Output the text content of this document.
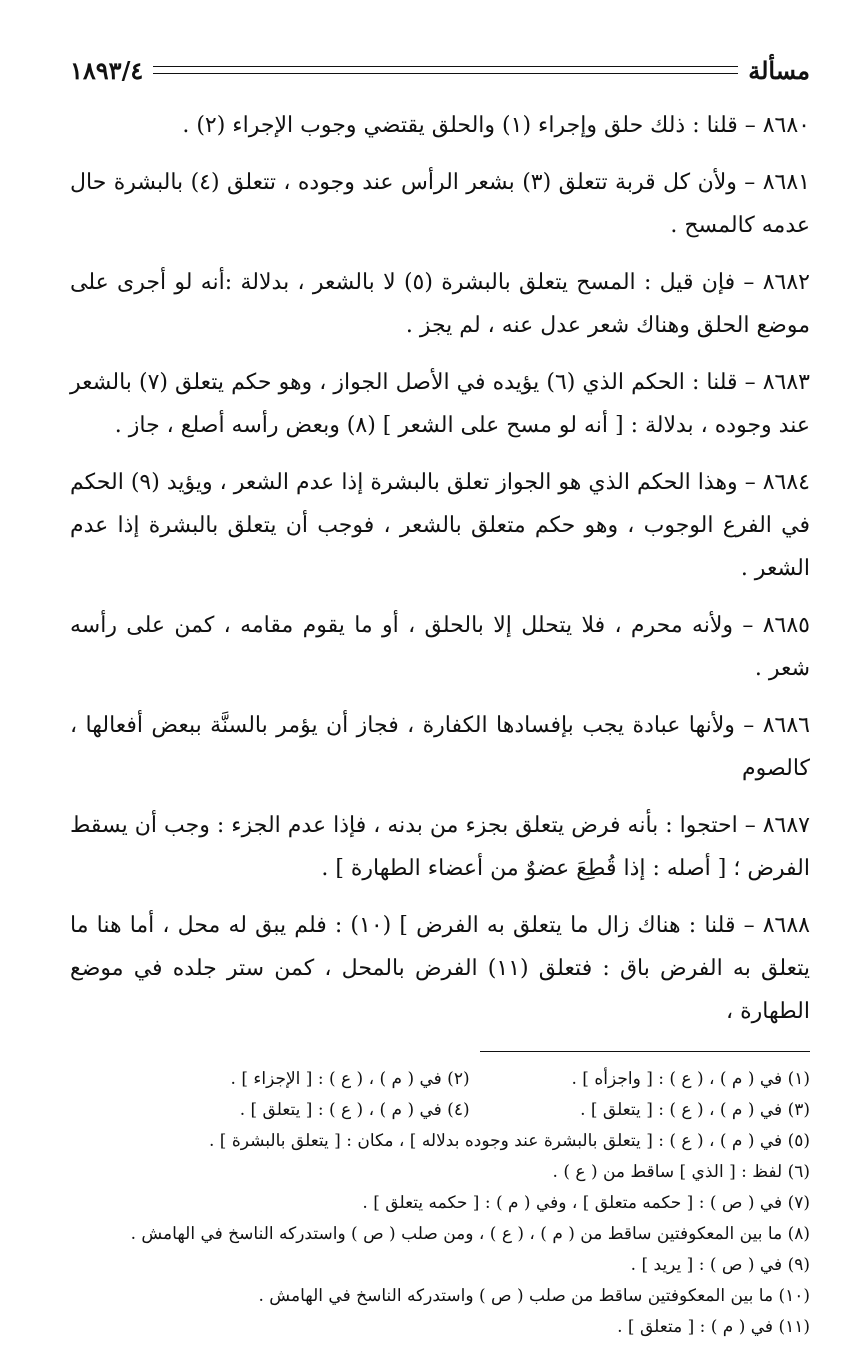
مسألة
١٨٩٣/٤

٨٦٨٠ – قلنا : ذلك حلق وإجراء (١) والحلق يقتضي وجوب الإجراء (٢) .

٨٦٨١ – ولأن كل قربة تتعلق (٣) بشعر الرأس عند وجوده ، تتعلق (٤) بالبشرة حال عدمه كالمسح .

٨٦٨٢ – فإن قيل : المسح يتعلق بالبشرة (٥) لا بالشعر ، بدلالة :أنه لو أجرى على موضع الحلق وهناك شعر عدل عنه ، لم يجز .

٨٦٨٣ – قلنا : الحكم الذي (٦) يؤيده في الأصل الجواز ، وهو حكم يتعلق (٧) بالشعر عند وجوده ، بدلالة : [ أنه لو مسح على الشعر ] (٨) وبعض رأسه أصلع ، جاز .

٨٦٨٤ – وهذا الحكم الذي هو الجواز تعلق بالبشرة إذا عدم الشعر ، ويؤيد (٩) الحكم في الفرع الوجوب ، وهو حكم متعلق بالشعر ، فوجب أن يتعلق بالبشرة إذا عدم الشعر .

٨٦٨٥ – ولأنه محرم ، فلا يتحلل إلا بالحلق ، أو ما يقوم مقامه ، كمن على رأسه شعر .

٨٦٨٦ – ولأنها عبادة يجب بإفسادها الكفارة ، فجاز أن يؤمر بالسنَّة ببعض أفعالها ، كالصوم

٨٦٨٧ – احتجوا : بأنه فرض يتعلق بجزء من بدنه ، فإذا عدم الجزء : وجب أن يسقط الفرض ؛ [ أصله : إذا قُطِعَ عضوٌ من أعضاء الطهارة ] .

٨٦٨٨ – قلنا : هناك زال ما يتعلق به الفرض ] (١٠) : فلم يبق له محل ، أما هنا ما يتعلق به الفرض باق : فتعلق (١١) الفرض بالمحل ، كمن ستر جلده في موضع الطهارة ،

(١) في ( م ) ، ( ع ) : [ واجزأه ] .
(٢) في ( م ) ، ( ع ) : [ الإجزاء ] .
(٣) في ( م ) ، ( ع ) : [ يتعلق ] .
(٤) في ( م ) ، ( ع ) : [ يتعلق ] .
(٥) في ( م ) ، ( ع ) : [ يتعلق بالبشرة عند وجوده بدلاله ] ، مكان : [ يتعلق بالبشرة ] .
(٦) لفظ : [ الذي ] ساقط من ( ع ) .
(٧) في ( ص ) : [ حكمه متعلق ] ، وفي ( م ) : [ حكمه يتعلق ] .
(٨) ما بين المعكوفتين ساقط من ( م ) ، ( ع ) ، ومن صلب ( ص ) واستدركه الناسخ في الهامش .
(٩) في ( ص ) : [ يريد ] .
(١٠) ما بين المعكوفتين ساقط من صلب ( ص ) واستدركه الناسخ في الهامش .
(١١) في ( م ) : [ متعلق ] .
